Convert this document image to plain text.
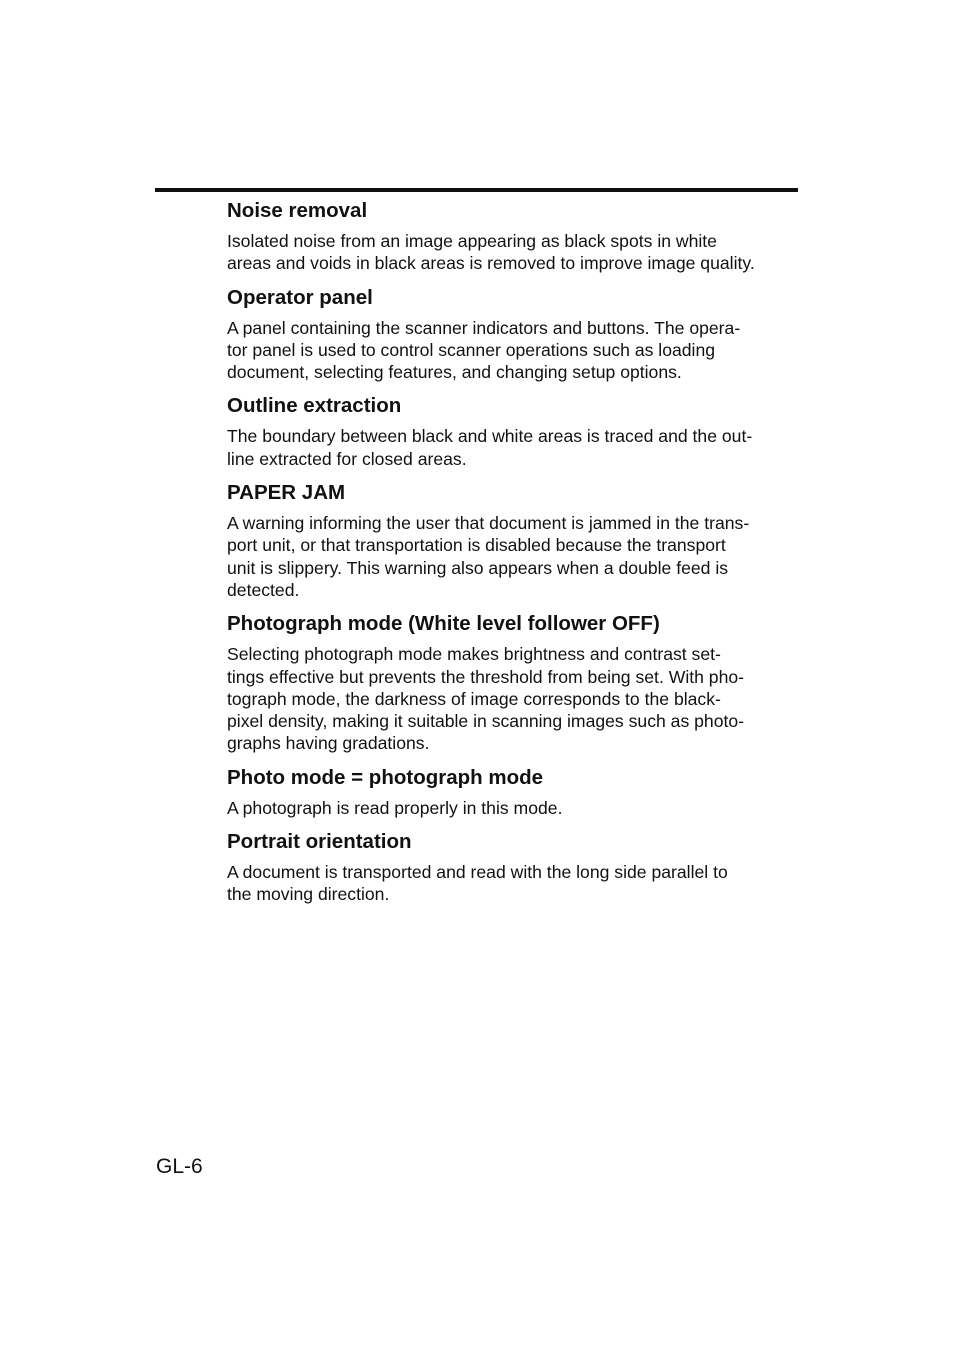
Noise removal

Isolated noise from an image appearing as black spots in white
areas and voids in black areas is removed to improve image quality.

Operator panel

A panel containing the scanner indicators and buttons. The opera-
tor panel is used to control scanner operations such as loading
document, selecting features, and changing setup options.

Outline extraction

The boundary between black and white areas is traced and the out-
line extracted for closed areas.

PAPER JAM

A warning informing the user that document is jammed in the trans-
port unit, or that transportation is disabled because the transport
unit is slippery. This warning also appears when a double feed is
detected.

Photograph mode (White level follower OFF)

Selecting photograph mode makes brightness and contrast set-
tings effective but prevents the threshold from being set. With pho-
tograph mode, the darkness of image corresponds to the black-
pixel density, making it suitable in scanning images such as photo-
graphs having gradations.

Photo mode = photograph mode

A photograph is read properly in this mode.

Portrait orientation

A document is transported and read with the long side parallel to
the moving direction.

GL-6
